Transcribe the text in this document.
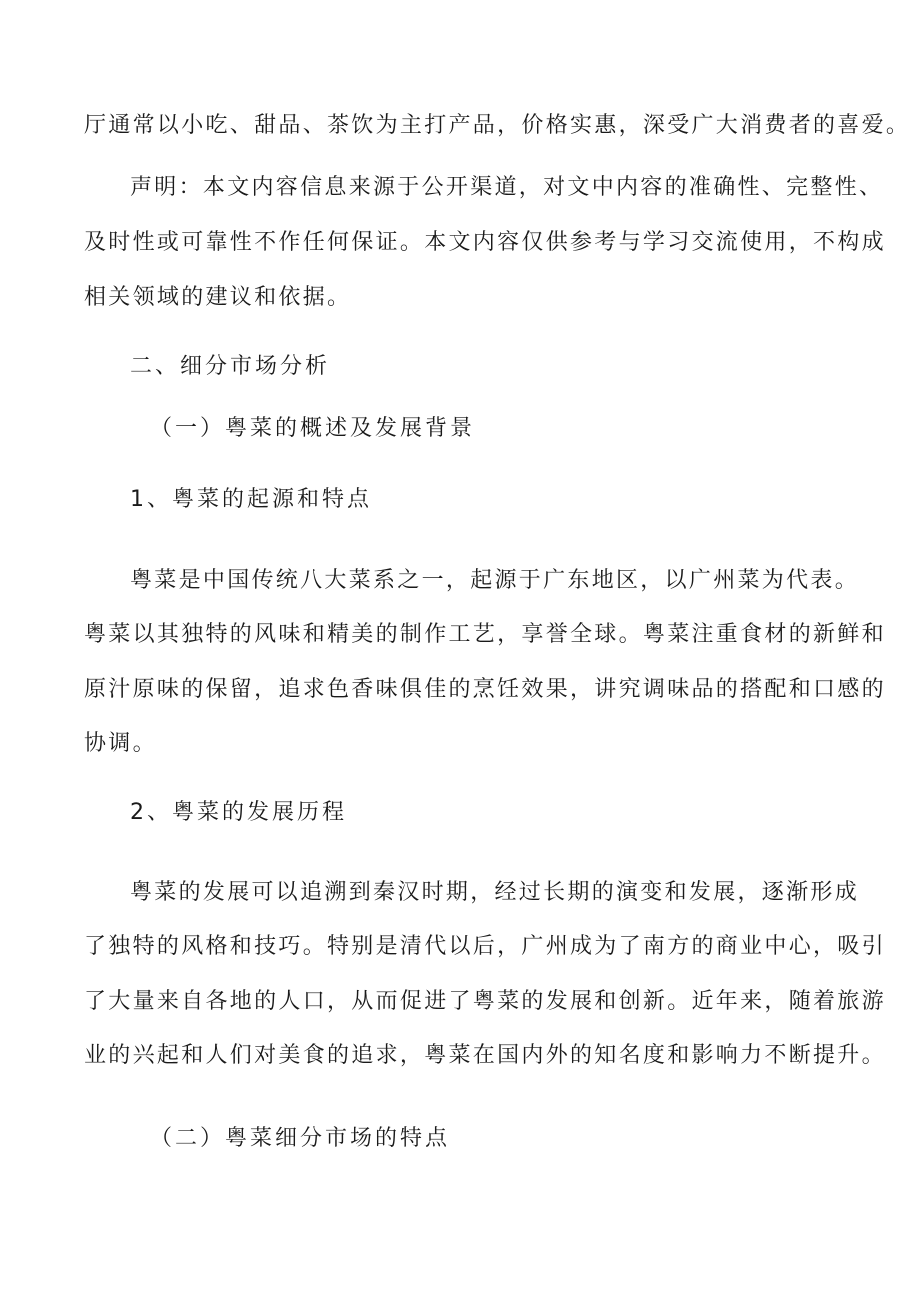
厅通常以小吃、甜品、茶饮为主打产品，价格实惠，深受广大消费者的喜爱。
声明：本文内容信息来源于公开渠道，对文中内容的准确性、完整性、
及时性或可靠性不作任何保证。本文内容仅供参考与学习交流使用，不构成
相关领域的建议和依据。
二、细分市场分析
（一）粤菜的概述及发展背景
1、粤菜的起源和特点
粤菜是中国传统八大菜系之一，起源于广东地区，以广州菜为代表。
粤菜以其独特的风味和精美的制作工艺，享誉全球。粤菜注重食材的新鲜和
原汁原味的保留，追求色香味俱佳的烹饪效果，讲究调味品的搭配和口感的
协调。
2、粤菜的发展历程
粤菜的发展可以追溯到秦汉时期，经过长期的演变和发展，逐渐形成
了独特的风格和技巧。特别是清代以后，广州成为了南方的商业中心，吸引
了大量来自各地的人口，从而促进了粤菜的发展和创新。近年来，随着旅游
业的兴起和人们对美食的追求，粤菜在国内外的知名度和影响力不断提升。
（二）粤菜细分市场的特点
